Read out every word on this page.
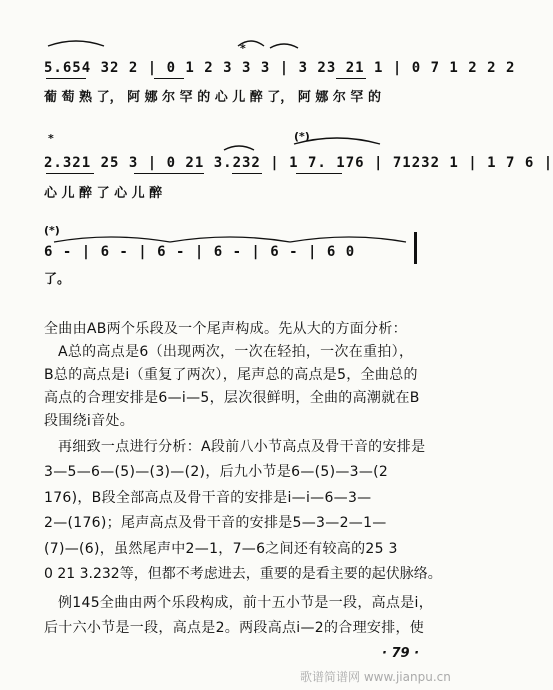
*
5.654 32 2 | 0 1 2 3 3 3 | 3 23 21 1 | 0 7 1 2 2 2
葡 萄 熟 了， 阿 娜 尔 罕 的 心 儿 醉 了， 阿 娜 尔 罕 的
*	(*)
2.321 25 3 | 0 21 3.232 | 1 7. 176 | 71232 1 | 1 7 6 |
心 儿 醉 了 心 儿 醉
(*)
6 - | 6 - | 6 - | 6 - | 6 - | 6 0
了。
全曲由AB两个乐段及一个尾声构成。先从大的方面分析：
A总的高点是6（出现两次，一次在轻拍，一次在重拍），
B总的高点是i（重复了两次），尾声总的高点是5，全曲总的
高点的合理安排是6—i—5，层次很鲜明，全曲的高潮就在B
段围绕i音处。
再细致一点进行分析：A段前八小节高点及骨干音的安排是
3—5—6—(5)—(3)—(2)，后九小节是6—(5)—3—(2
176)，B段全部高点及骨干音的安排是i—i—6—3—
2—(176)；尾声高点及骨干音的安排是5—3—2—1—
(7)—(6)，虽然尾声中2—1，7—6之间还有较高的25 3
0 21 3.232等，但都不考虑进去，重要的是看主要的起伏脉络。
例145全曲由两个乐段构成，前十五小节是一段，高点是i，
后十六小节是一段，高点是2。两段高点i—2的合理安排，使
· 79 ·
歌谱简谱网 www.jianpu.cn
